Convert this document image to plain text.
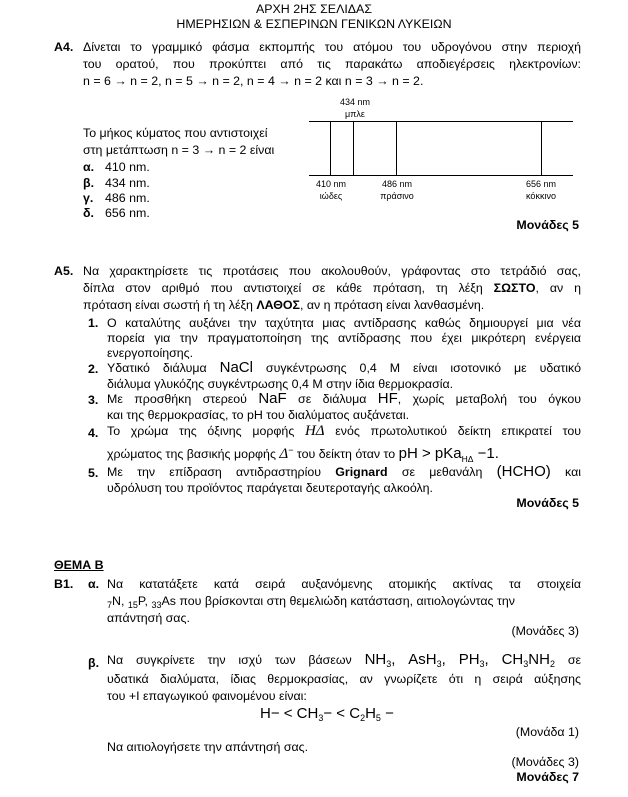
ΑΡΧΗ 2ΗΣ ΣΕΛΙΔΑΣ
ΗΜΕΡΗΣΙΩΝ & ΕΣΠΕΡΙΝΩΝ ΓΕΝΙΚΩΝ ΛΥΚΕΙΩΝ
Α4. Δίνεται το γραμμικό φάσμα εκπομπής του ατόμου του υδρογόνου στην περιοχή
του ορατού, που προκύπτει από τις παρακάτω αποδιεγέρσεις ηλεκτρονίων:
n = 6 → n = 2, n = 5 → n = 2, n = 4 → n = 2 και n = 3 → n = 2.
Το μήκος κύματος που αντιστοιχεί
στη μετάπτωση n = 3 → n = 2 είναι
α. 410 nm.
β. 434 nm.
γ. 486 nm.
δ. 656 nm.
434 nm
μπλε
410 nm
ιώδες
486 nm
πράσινο
656 nm
κόκκινο
Μονάδες 5
Α5. Να χαρακτηρίσετε τις προτάσεις που ακολουθούν, γράφοντας στο τετράδιό σας,
δίπλα στον αριθμό που αντιστοιχεί σε κάθε πρόταση, τη λέξη ΣΩΣΤΟ, αν η
πρόταση είναι σωστή ή τη λέξη ΛΑΘΟΣ, αν η πρόταση είναι λανθασμένη.
1. Ο καταλύτης αυξάνει την ταχύτητα μιας αντίδρασης καθώς δημιουργεί μια νέα
πορεία για την πραγματοποίηση της αντίδρασης που έχει μικρότερη ενέργεια
ενεργοποίησης.
2. Υδατικό διάλυμα NaCl συγκέντρωσης 0,4 M είναι ισοτονικό με υδατικό
διάλυμα γλυκόζης συγκέντρωσης 0,4 M στην ίδια θερμοκρασία.
3. Με προσθήκη στερεού NaF σε διάλυμα HF, χωρίς μεταβολή του όγκου
και της θερμοκρασίας, το pH του διαλύματος αυξάνεται.
4. Το χρώμα της όξινης μορφής ΗΔ ενός πρωτολυτικού δείκτη επικρατεί του
χρώματος της βασικής μορφής Δ− του δείκτη όταν το pH > pKa$_{H\Delta}$ −1.
5. Με την επίδραση αντιδραστηρίου Grignard σε μεθανάλη (HCHO) και
υδρόλυση του προϊόντος παράγεται δευτεροταγής αλκοόλη.
Μονάδες 5
ΘΕΜΑ Β
Β1. α. Να κατατάξετε κατά σειρά αυξανόμενης ατομικής ακτίνας τα στοιχεία
$_7$N, $_{15}$P, $_{33}$As που βρίσκονται στη θεμελιώδη κατάσταση, αιτιολογώντας την
απάντησή σας.
(Μονάδες 3)
β. Να συγκρίνετε την ισχύ των βάσεων $NH_3$, AsH$_3$, $PH_3$, $CH_3NH_2$ σε
υδατικά διαλύματα, ίδιας θερμοκρασίας, αν γνωρίζετε ότι η σειρά αύξησης
του +I επαγωγικού φαινομένου είναι:
$H- < CH_3- < C_2H_5$ −
(Μονάδα 1)
Να αιτιολογήσετε την απάντησή σας.
(Μονάδες 3)
Μονάδες 7
